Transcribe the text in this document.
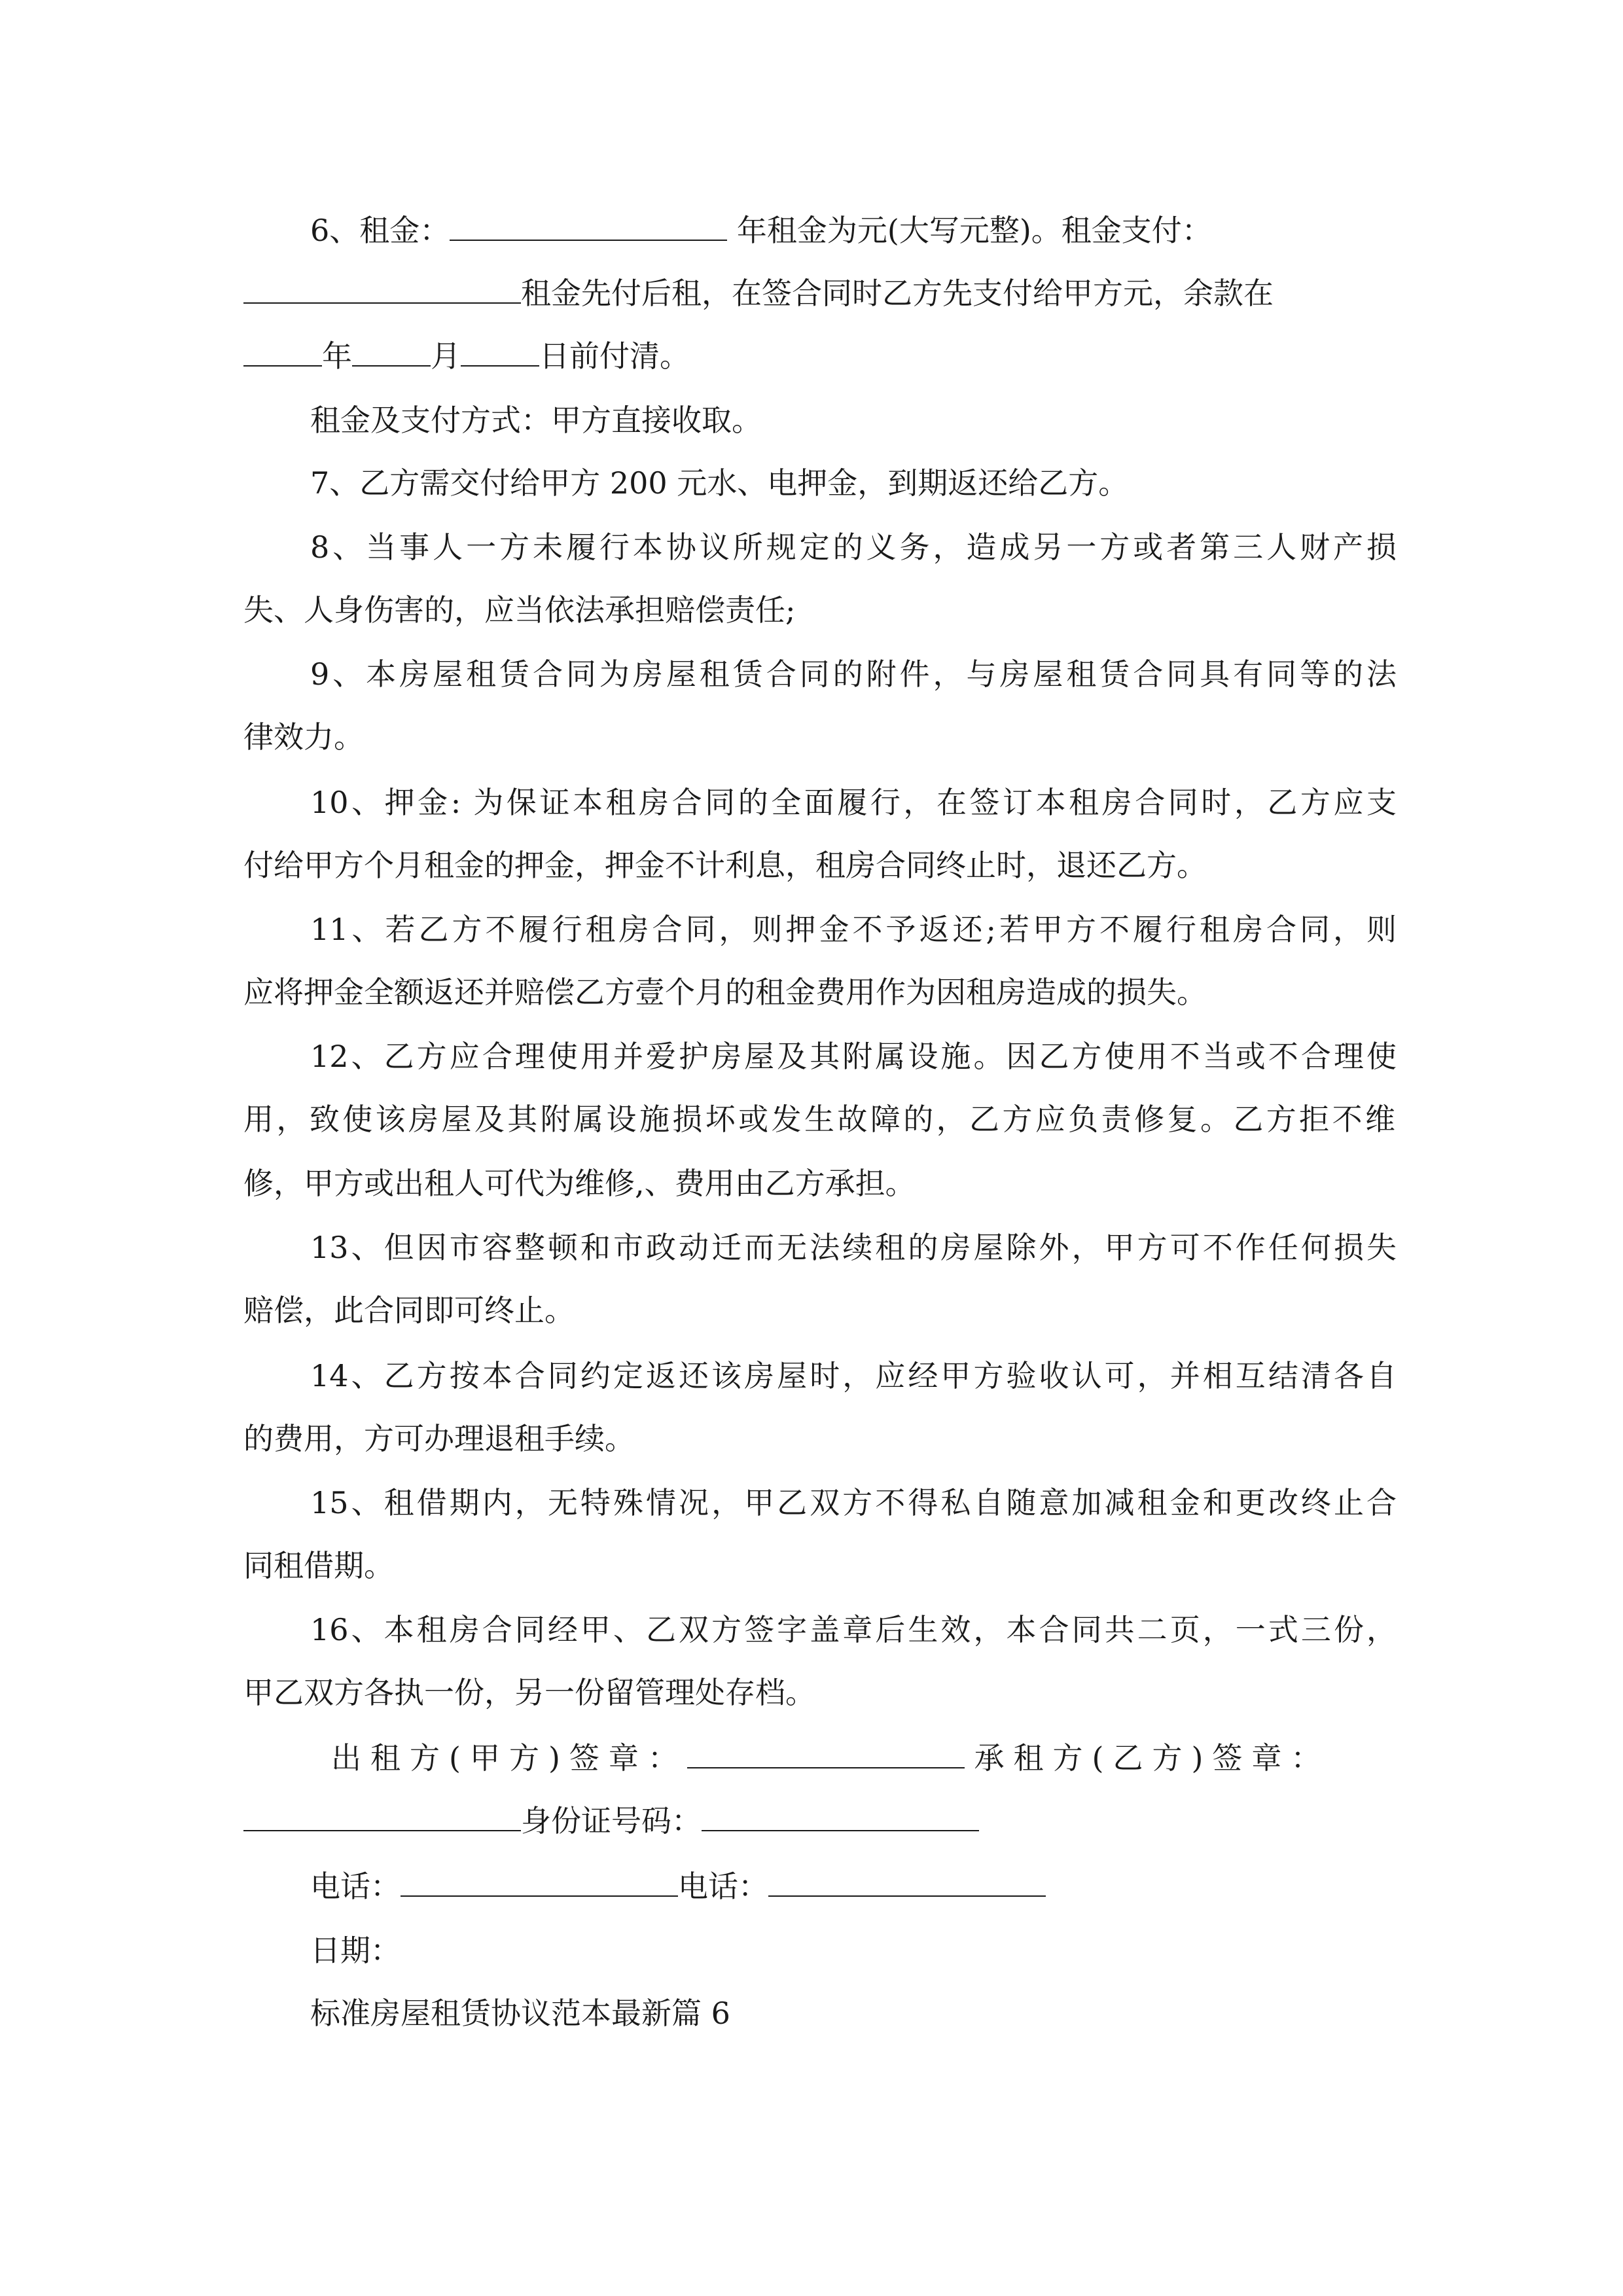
6、租金：	年租金为元(大写元整)。租金支付：
租金先付后租，在签合同时乙方先支付给甲方元，余款在
年	月	日前付清。
租金及支付方式：甲方直接收取。
7、乙方需交付给甲方 200 元水、电押金，到期返还给乙方。
8、当事人一方未履行本协议所规定的义务，造成另一方或者第三人财产损
失、人身伤害的，应当依法承担赔偿责任;
9、本房屋租赁合同为房屋租赁合同的附件，与房屋租赁合同具有同等的法
律效力。
10、押金: 为保证本租房合同的全面履行，在签订本租房合同时，乙方应支
付给甲方个月租金的押金，押金不计利息，租房合同终止时，退还乙方。
11、若乙方不履行租房合同，则押金不予返还;若甲方不履行租房合同，则
应将押金全额返还并赔偿乙方壹个月的租金费用作为因租房造成的损失。
12、乙方应合理使用并爱护房屋及其附属设施。因乙方使用不当或不合理使
用，致使该房屋及其附属设施损坏或发生故障的，乙方应负责修复。乙方拒不维
修，甲方或出租人可代为维修,、费用由乙方承担。
13、但因市容整顿和市政动迁而无法续租的房屋除外，甲方可不作任何损失
赔偿，此合同即可终止。
14、乙方按本合同约定返还该房屋时，应经甲方验收认可，并相互结清各自
的费用，方可办理退租手续。
15、租借期内，无特殊情况，甲乙双方不得私自随意加减租金和更改终止合
同租借期。
16、本租房合同经甲、乙双方签字盖章后生效，本合同共二页，一式三份，
甲乙双方各执一份，另一份留管理处存档。
出租方(甲方)签章：	承租方(乙方)签章：
身份证号码：
电话：	电话：
日期：
标准房屋租赁协议范本最新篇 6
